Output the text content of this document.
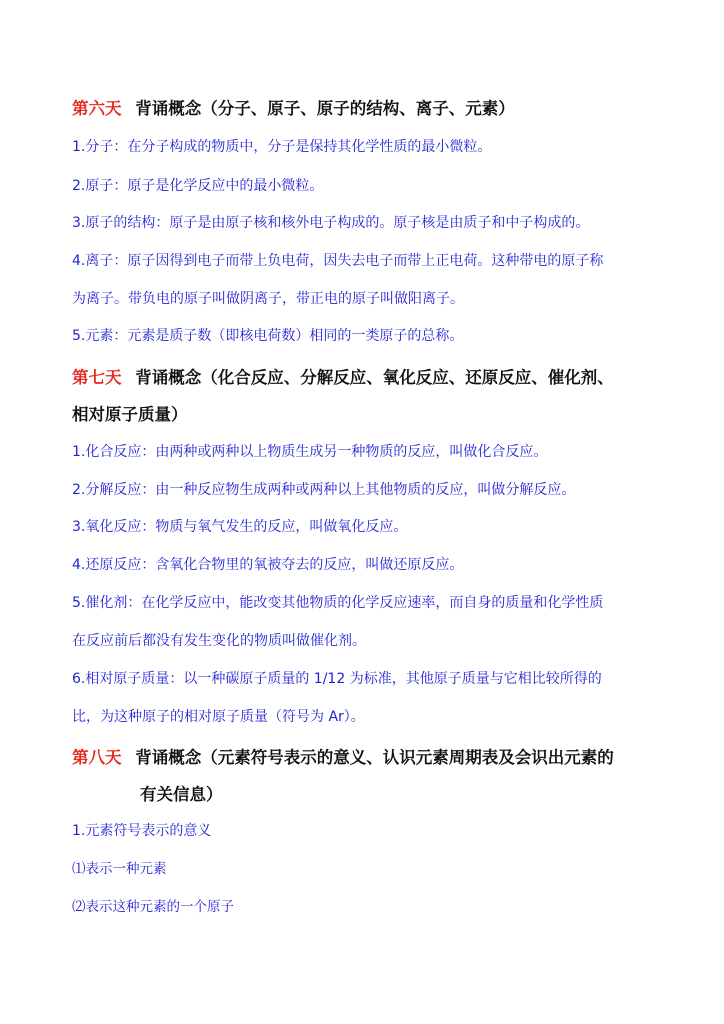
第六天 背诵概念（分子、原子、原子的结构、离子、元素）
1.分子：在分子构成的物质中，分子是保持其化学性质的最小微粒。
2.原子：原子是化学反应中的最小微粒。
3.原子的结构：原子是由原子核和核外电子构成的。原子核是由质子和中子构成的。
4.离子：原子因得到电子而带上负电荷，因失去电子而带上正电荷。这种带电的原子称
为离子。带负电的原子叫做阴离子，带正电的原子叫做阳离子。
5.元素：元素是质子数（即核电荷数）相同的一类原子的总称。
第七天 背诵概念（化合反应、分解反应、氧化反应、还原反应、催化剂、
相对原子质量）
1.化合反应：由两种或两种以上物质生成另一种物质的反应，叫做化合反应。
2.分解反应：由一种反应物生成两种或两种以上其他物质的反应，叫做分解反应。
3.氧化反应：物质与氧气发生的反应，叫做氧化反应。
4.还原反应：含氧化合物里的氧被夺去的反应，叫做还原反应。
5.催化剂：在化学反应中，能改变其他物质的化学反应速率，而自身的质量和化学性质
在反应前后都没有发生变化的物质叫做催化剂。
6.相对原子质量：以一种碳原子质量的 1/12 为标准，其他原子质量与它相比较所得的
比，为这种原子的相对原子质量（符号为 Ar）。
第八天 背诵概念（元素符号表示的意义、认识元素周期表及会识出元素的
有关信息）
1.元素符号表示的意义
⑴表示一种元素
⑵表示这种元素的一个原子
